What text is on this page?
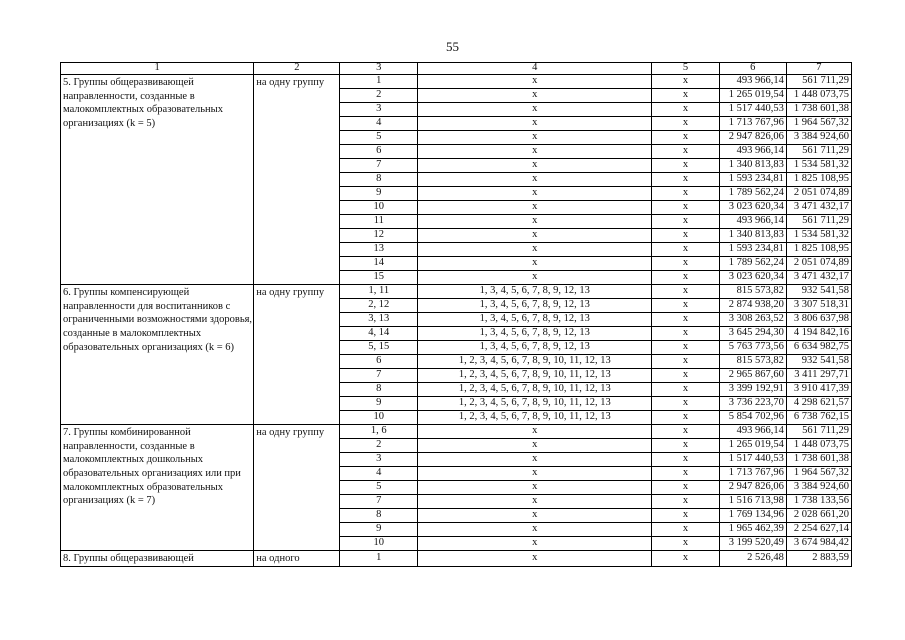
55
1	2	3	4	5	6	7
5. Группы общеразвивающей направленности, созданные в малокомплектных образовательных организациях (k = 5)	на одну группу	1	x	x	493 966,14	561 711,29
		2	x	x	1 265 019,54	1 448 073,75
		3	x	x	1 517 440,53	1 738 601,38
		4	x	x	1 713 767,96	1 964 567,32
		5	x	x	2 947 826,06	3 384 924,60
		6	x	x	493 966,14	561 711,29
		7	x	x	1 340 813,83	1 534 581,32
		8	x	x	1 593 234,81	1 825 108,95
		9	x	x	1 789 562,24	2 051 074,89
		10	x	x	3 023 620,34	3 471 432,17
		11	x	x	493 966,14	561 711,29
		12	x	x	1 340 813,83	1 534 581,32
		13	x	x	1 593 234,81	1 825 108,95
		14	x	x	1 789 562,24	2 051 074,89
		15	x	x	3 023 620,34	3 471 432,17
6. Группы компенсирующей направленности для воспитанников с ограниченными возможностями здоровья, созданные в малокомплектных образовательных организациях (k = 6)	на одну группу	1, 11	1, 3, 4, 5, 6, 7, 8, 9, 12, 13	x	815 573,82	932 541,58
		2, 12	1, 3, 4, 5, 6, 7, 8, 9, 12, 13	x	2 874 938,20	3 307 518,31
		3, 13	1, 3, 4, 5, 6, 7, 8, 9, 12, 13	x	3 308 263,52	3 806 637,98
		4, 14	1, 3, 4, 5, 6, 7, 8, 9, 12, 13	x	3 645 294,30	4 194 842,16
		5, 15	1, 3, 4, 5, 6, 7, 8, 9, 12, 13	x	5 763 773,56	6 634 982,75
		6	1, 2, 3, 4, 5, 6, 7, 8, 9, 10, 11, 12, 13	x	815 573,82	932 541,58
		7	1, 2, 3, 4, 5, 6, 7, 8, 9, 10, 11, 12, 13	x	2 965 867,60	3 411 297,71
		8	1, 2, 3, 4, 5, 6, 7, 8, 9, 10, 11, 12, 13	x	3 399 192,91	3 910 417,39
		9	1, 2, 3, 4, 5, 6, 7, 8, 9, 10, 11, 12, 13	x	3 736 223,70	4 298 621,57
		10	1, 2, 3, 4, 5, 6, 7, 8, 9, 10, 11, 12, 13	x	5 854 702,96	6 738 762,15
7. Группы комбинированной направленности, созданные в малокомплектных дошкольных образовательных организациях или при малокомплектных образовательных организациях (k = 7)	на одну группу	1, 6	x	x	493 966,14	561 711,29
		2	x	x	1 265 019,54	1 448 073,75
		3	x	x	1 517 440,53	1 738 601,38
		4	x	x	1 713 767,96	1 964 567,32
		5	x	x	2 947 826,06	3 384 924,60
		7	x	x	1 516 713,98	1 738 133,56
		8	x	x	1 769 134,96	2 028 661,20
		9	x	x	1 965 462,39	2 254 627,14
		10	x	x	3 199 520,49	3 674 984,42
8. Группы общеразвивающей	на одного	1	x	x	2 526,48	2 883,59
